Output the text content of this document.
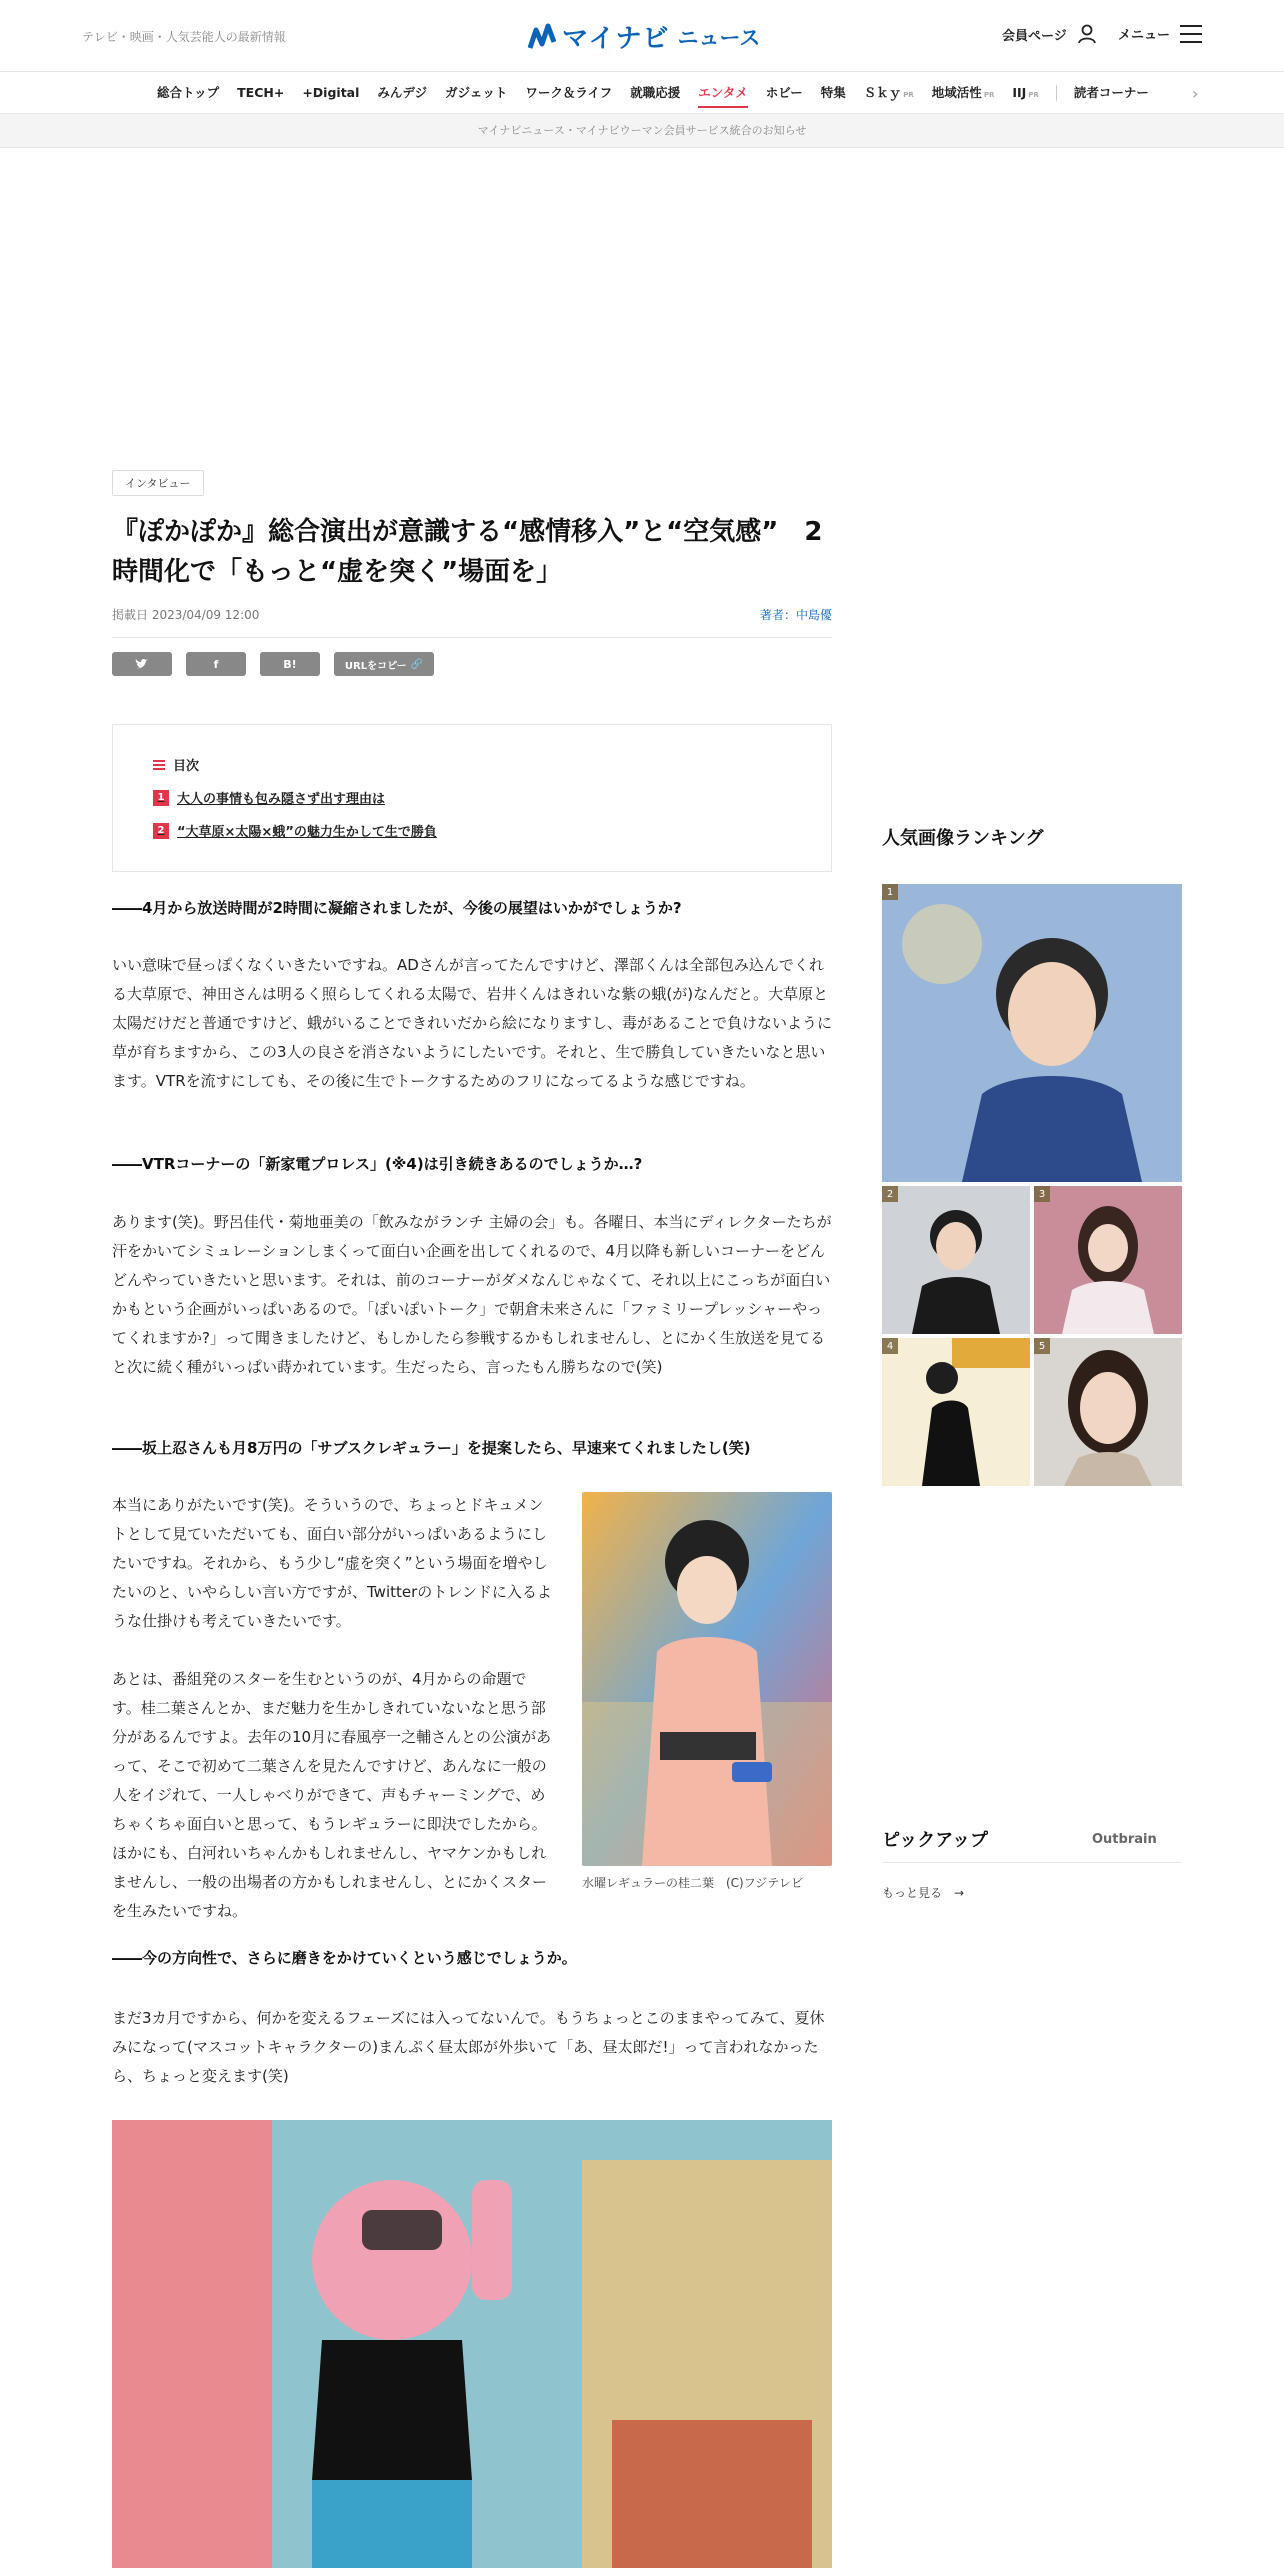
テレビ・映画・人気芸能人の最新情報	マイナビ ニュース	会員ページ	メニュー
総合トップ	TECH+	+Digital	みんデジ	ガジェット	ワーク＆ライフ	就職応援	エンタメ	ホビー	特集	Ｓｋｙ PR	地域活性 PR	IIJ PR	読者コーナー	›
マイナビニュース・マイナビウーマン会員サービス統合のお知らせ
インタビュー
『ぽかぽか』総合演出が意識する“感情移入”と“空気感”　2時間化で「もっと“虚を突く”場面を」
掲載日 2023/04/09 12:00	著者：中島優
f	B!	URLをコピー 🔗
目次
1 大人の事情も包み隠さず出す理由は
2 “大草原×太陽×蛾”の魅力生かして生で勝負
――4月から放送時間が2時間に凝縮されましたが、今後の展望はいかがでしょうか?
いい意味で昼っぽくなくいきたいですね。ADさんが言ってたんですけど、澤部くんは全部包み込んでくれる大草原で、神田さんは明るく照らしてくれる太陽で、岩井くんはきれいな紫の蛾(が)なんだと。大草原と太陽だけだと普通ですけど、蛾がいることできれいだから絵になりますし、毒があることで負けないように草が育ちますから、この3人の良さを消さないようにしたいです。それと、生で勝負していきたいなと思います。VTRを流すにしても、その後に生でトークするためのフリになってるような感じですね。
――VTRコーナーの「新家電プロレス」(※4)は引き続きあるのでしょうか…?
あります(笑)。野呂佳代・菊地亜美の「飲みながランチ 主婦の会」も。各曜日、本当にディレクターたちが汗をかいてシミュレーションしまくって面白い企画を出してくれるので、4月以降も新しいコーナーをどんどんやっていきたいと思います。それは、前のコーナーがダメなんじゃなくて、それ以上にこっちが面白いかもという企画がいっぱいあるので。「ぽいぽいトーク」で朝倉未来さんに「ファミリープレッシャーやってくれますか?」って聞きましたけど、もしかしたら参戦するかもしれませんし、とにかく生放送を見てると次に続く種がいっぱい蒔かれています。生だったら、言ったもん勝ちなので(笑)
――坂上忍さんも月8万円の「サブスクレギュラー」を提案したら、早速来てくれましたし(笑)
本当にありがたいです(笑)。そういうので、ちょっとドキュメントとして見ていただいても、面白い部分がいっぱいあるようにしたいですね。それから、もう少し“虚を突く”という場面を増やしたいのと、いやらしい言い方ですが、Twitterのトレンドに入るような仕掛けも考えていきたいです。
あとは、番組発のスターを生むというのが、4月からの命題です。桂二葉さんとか、まだ魅力を生かしきれていないなと思う部分があるんですよ。去年の10月に春風亭一之輔さんとの公演があって、そこで初めて二葉さんを見たんですけど、あんなに一般の人をイジれて、一人しゃべりができて、声もチャーミングで、めちゃくちゃ面白いと思って、もうレギュラーに即決でしたから。ほかにも、白河れいちゃんかもしれませんし、ヤマケンかもしれませんし、一般の出場者の方かもしれませんし、とにかくスターを生みたいですね。
水曜レギュラーの桂二葉　(C)フジテレビ
――今の方向性で、さらに磨きをかけていくという感じでしょうか。
まだ3カ月ですから、何かを変えるフェーズには入ってないんで。もうちょっとこのままやってみて、夏休みになって(マスコットキャラクターの)まんぷく昼太郎が外歩いて「あ、昼太郎だ!」って言われなかったら、ちょっと変えます(笑)
人気画像ランキング
1
2	3
4	5
ピックアップ	Outbrain
もっと見る　→
